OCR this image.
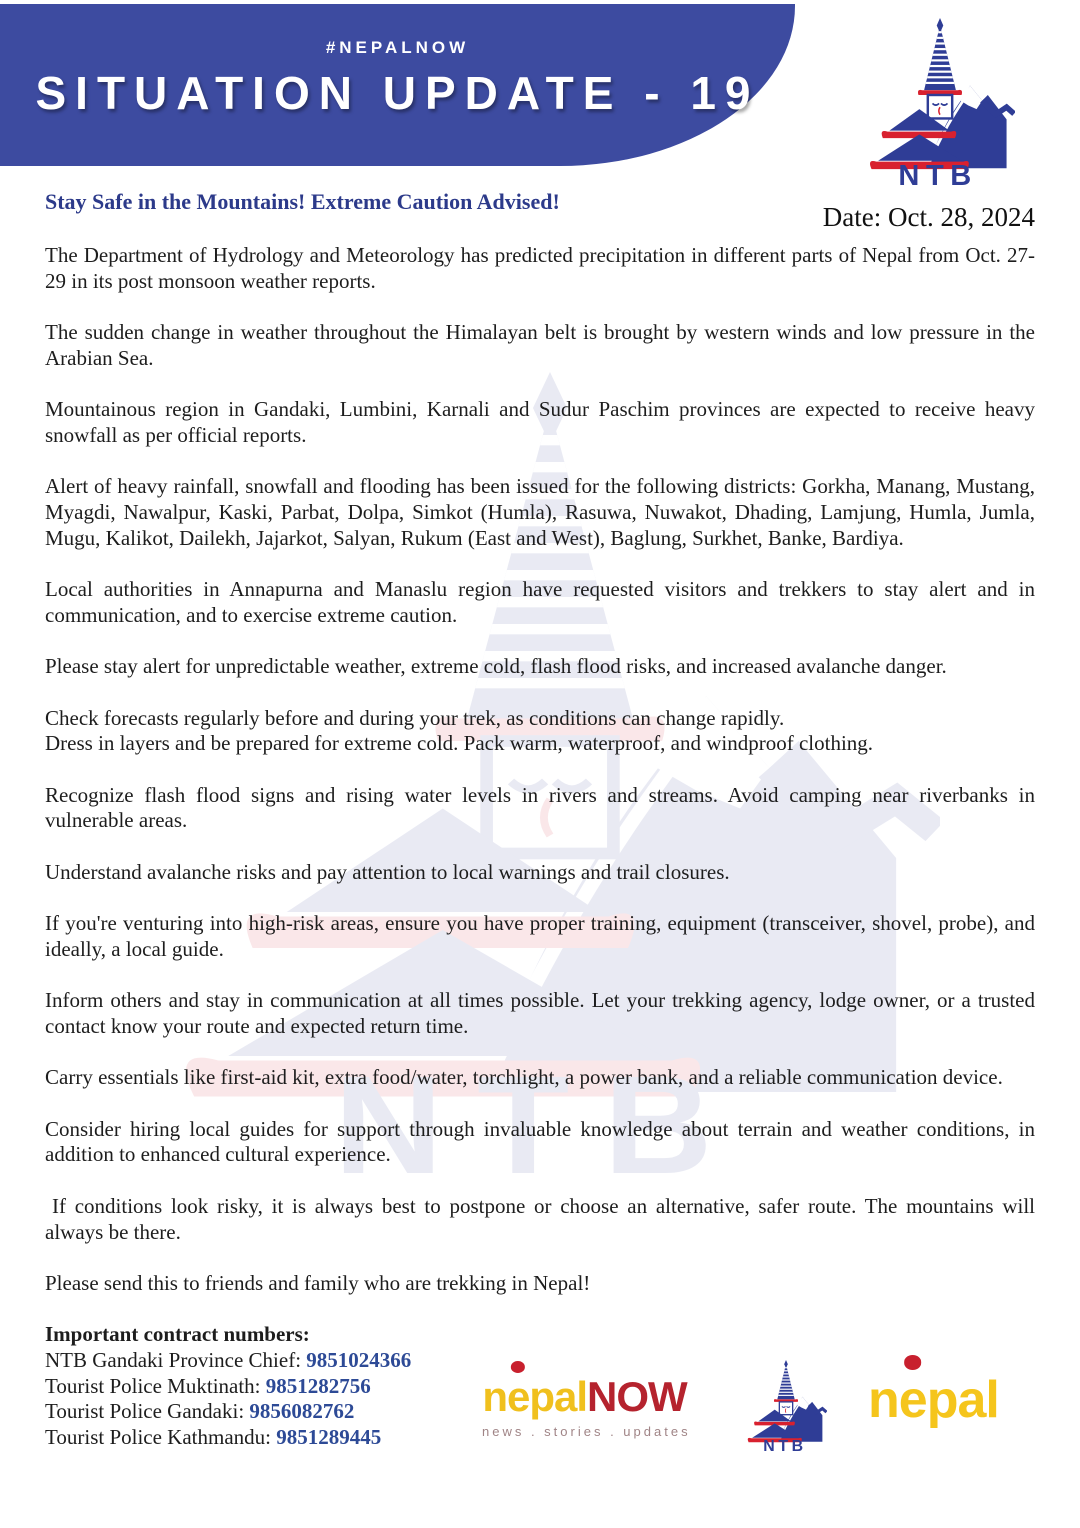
#NEPALNOW
SITUATION UPDATE - 19
Date: Oct. 28, 2024
Stay Safe in the Mountains! Extreme Caution Advised!

The Department of Hydrology and Meteorology has predicted precipitation in different parts of Nepal from Oct. 27-29 in its post monsoon weather reports.

The sudden change in weather throughout the Himalayan belt is brought by western winds and low pressure in the Arabian Sea.

Mountainous region in Gandaki, Lumbini, Karnali and Sudur Paschim provinces are expected to receive heavy snowfall as per official reports.

Alert of heavy rainfall, snowfall and flooding has been issued for the following districts: Gorkha, Manang, Mustang, Myagdi, Nawalpur, Kaski, Parbat, Dolpa, Simkot (Humla), Rasuwa, Nuwakot, Dhading, Lamjung, Humla, Jumla, Mugu, Kalikot, Dailekh, Jajarkot, Salyan, Rukum (East and West), Baglung, Surkhet, Banke, Bardiya.

Local authorities in Annapurna and Manaslu region have requested visitors and trekkers to stay alert and in communication, and to exercise extreme caution.

Please stay alert for unpredictable weather, extreme cold, flash flood risks, and increased avalanche danger.

Check forecasts regularly before and during your trek, as conditions can change rapidly.

Dress in layers and be prepared for extreme cold. Pack warm, waterproof, and windproof clothing.

Recognize flash flood signs and rising water levels in rivers and streams. Avoid camping near riverbanks in vulnerable areas.

Understand avalanche risks and pay attention to local warnings and trail closures.

If you're venturing into high-risk areas, ensure you have proper training, equipment (transceiver, shovel, probe), and ideally, a local guide.

Inform others and stay in communication at all times possible. Let your trekking agency, lodge owner, or a trusted contact know your route and expected return time.

Carry essentials like first-aid kit, extra food/water, torchlight, a power bank, and a reliable communication device.

Consider hiring local guides for support through invaluable knowledge about terrain and weather conditions, in addition to enhanced cultural experience.

If conditions look risky, it is always best to postpone or choose an alternative, safer route. The mountains will always be there.

Please send this to friends and family who are trekking in Nepal!

Important contract numbers:
NTB Gandaki Province Chief: 9851024366
Tourist Police Muktinath: 9851282756
Tourist Police Gandaki: 9856082762
Tourist Police Kathmandu: 9851289445
nepalNOW
news . stories . updates
nepal
